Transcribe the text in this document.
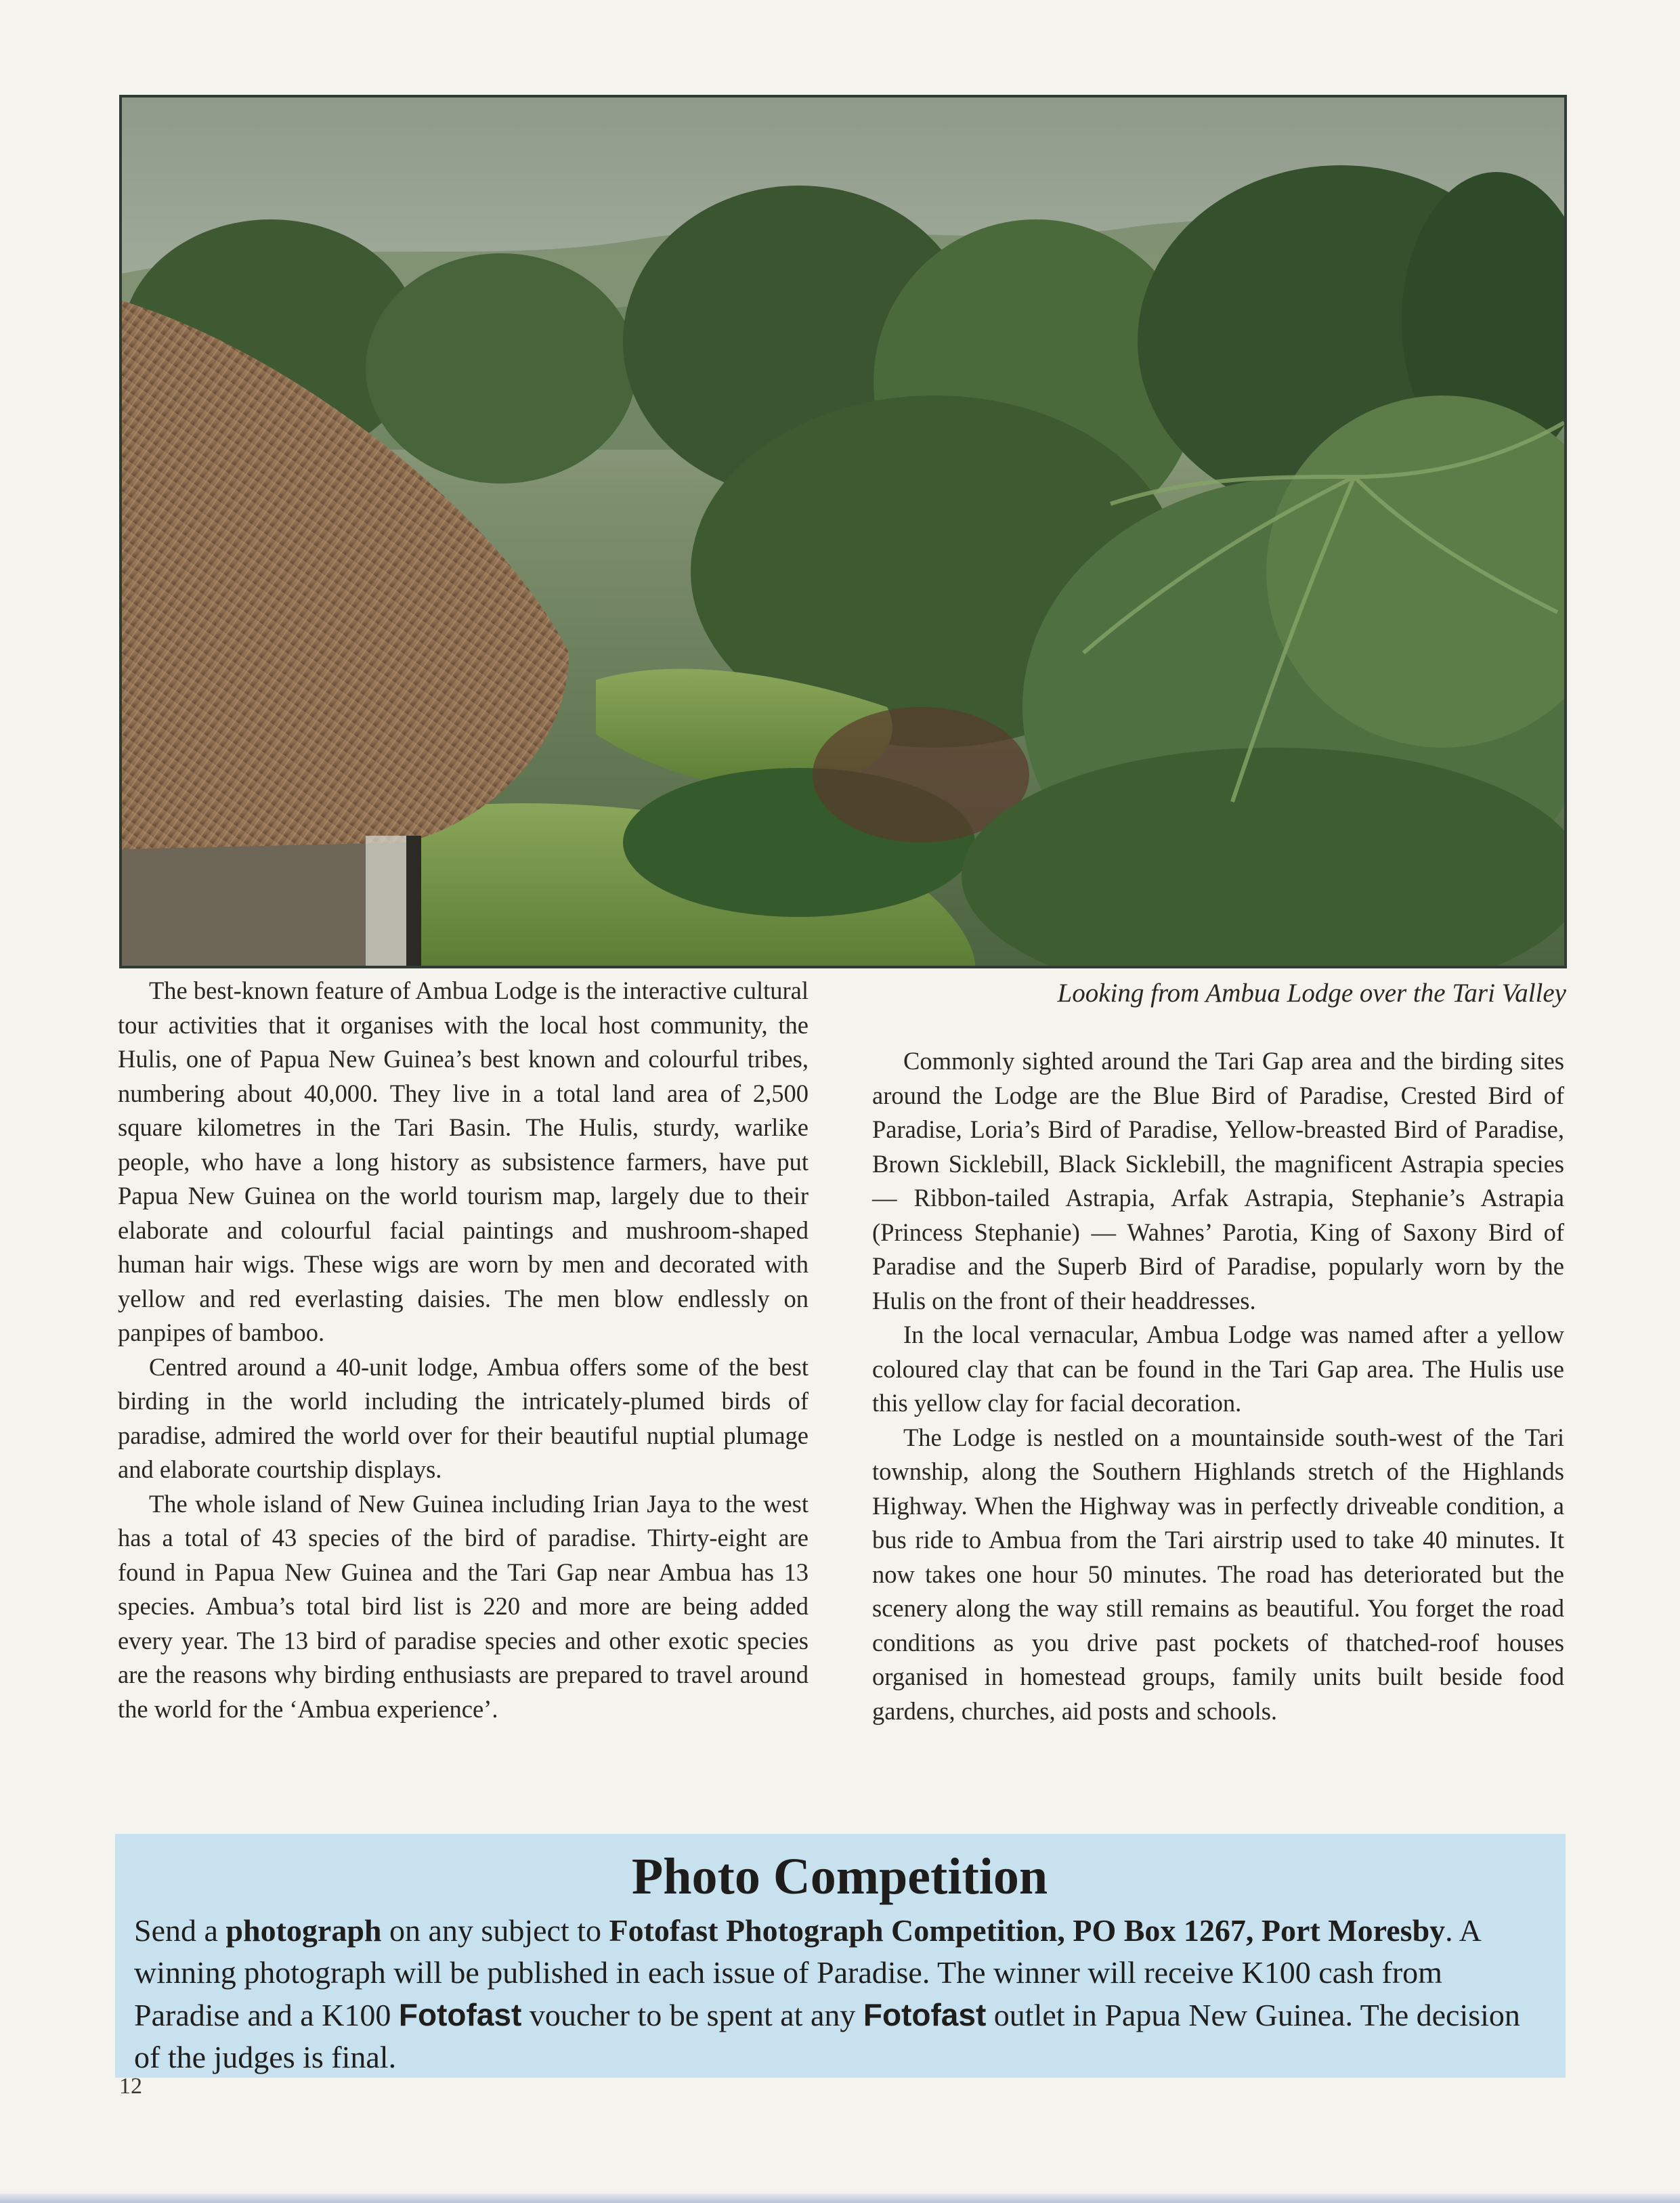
Looking from Ambua Lodge over the Tari Valley

The best-known feature of Ambua Lodge is the interactive cultural tour activities that it organises with the local host community, the Hulis, one of Papua New Guinea’s best known and colourful tribes, numbering about 40,000. They live in a total land area of 2,500 square kilometres in the Tari Basin. The Hulis, sturdy, warlike people, who have a long history as subsistence farmers, have put Papua New Guinea on the world tourism map, largely due to their elaborate and colourful facial paintings and mushroom-shaped human hair wigs. These wigs are worn by men and decorated with yellow and red everlasting daisies. The men blow endlessly on panpipes of bamboo.

Centred around a 40-unit lodge, Ambua offers some of the best birding in the world including the intricately-plumed birds of paradise, admired the world over for their beautiful nuptial plumage and elaborate courtship displays.

The whole island of New Guinea including Irian Jaya to the west has a total of 43 species of the bird of paradise. Thirty-eight are found in Papua New Guinea and the Tari Gap near Ambua has 13 species. Ambua’s total bird list is 220 and more are being added every year. The 13 bird of paradise species and other exotic species are the reasons why birding enthusiasts are prepared to travel around the world for the ‘Ambua experience’.

Commonly sighted around the Tari Gap area and the birding sites around the Lodge are the Blue Bird of Paradise, Crested Bird of Paradise, Loria’s Bird of Paradise, Yellow-breasted Bird of Paradise, Brown Sicklebill, Black Sicklebill, the magnificent Astrapia species — Ribbon-tailed Astrapia, Arfak Astrapia, Stephanie’s Astrapia (Princess Stephanie) — Wahnes’ Parotia, King of Saxony Bird of Paradise and the Superb Bird of Paradise, popularly worn by the Hulis on the front of their headdresses.

In the local vernacular, Ambua Lodge was named after a yellow coloured clay that can be found in the Tari Gap area. The Hulis use this yellow clay for facial decoration.

The Lodge is nestled on a mountainside south-west of the Tari township, along the Southern Highlands stretch of the Highlands Highway. When the Highway was in perfectly driveable condition, a bus ride to Ambua from the Tari airstrip used to take 40 minutes. It now takes one hour 50 minutes. The road has deteriorated but the scenery along the way still remains as beautiful. You forget the road conditions as you drive past pockets of thatched-roof houses organised in homestead groups, family units built beside food gardens, churches, aid posts and schools.

Photo Competition

Send a photograph on any subject to Fotofast Photograph Competition, PO Box 1267, Port Moresby. A winning photograph will be published in each issue of Paradise. The winner will receive K100 cash from Paradise and a K100 Fotofast voucher to be spent at any Fotofast outlet in Papua New Guinea. The decision of the judges is final.

12
